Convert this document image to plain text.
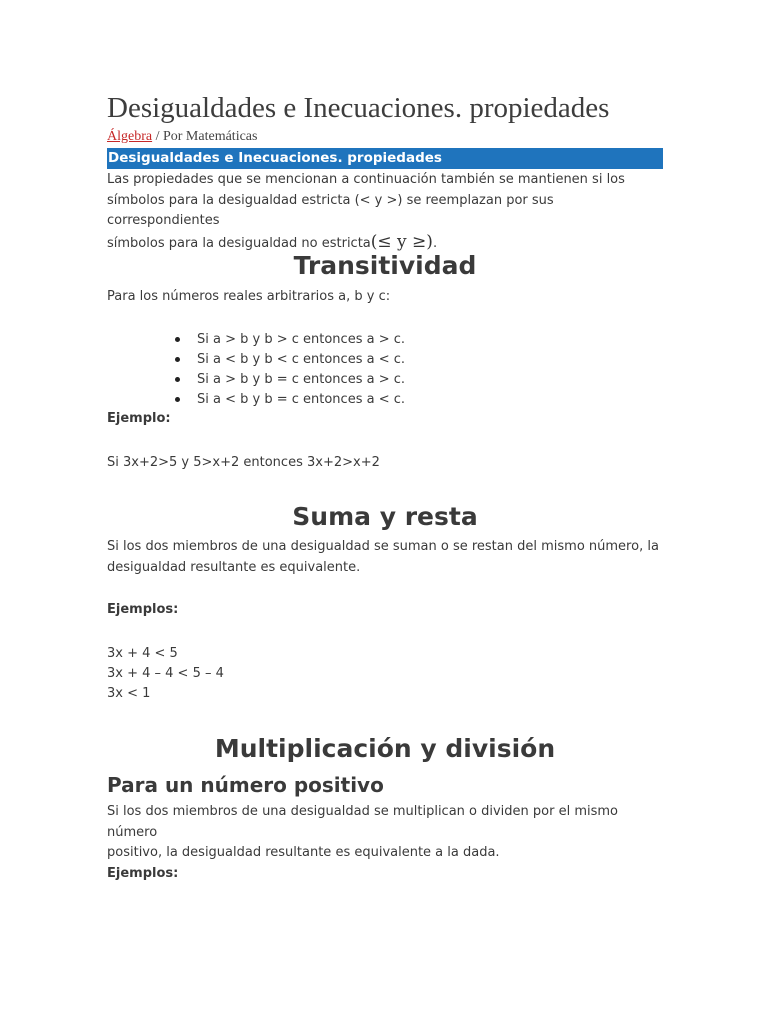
Desigualdades e Inecuaciones. propiedades
Álgebra / Por Matemáticas
Desigualdades e Inecuaciones. propiedades

Las propiedades que se mencionan a continuación también se mantienen si los
símbolos para la desigualdad estricta (< y >) se reemplazan por sus correspondientes
símbolos para la desigualdad no estricta(≤ y ≥).

Transitividad

Para los números reales arbitrarios a, b y c:

Si a > b y b > c entonces a > c.
Si a < b y b < c entonces a < c.
Si a > b y b = c entonces a > c.
Si a < b y b = c entonces a < c.

Ejemplo:

Si 3x+2>5 y 5>x+2 entonces 3x+2>x+2

Suma y resta

Si los dos miembros de una desigualdad se suman o se restan del mismo número, la
desigualdad resultante es equivalente.

Ejemplos:

3x + 4 < 5

3x + 4 – 4 < 5 – 4

3x < 1

Multiplicación y división
Para un número positivo

Si los dos miembros de una desigualdad se multiplican o dividen por el mismo número
positivo, la desigualdad resultante es equivalente a la dada.

Ejemplos:
